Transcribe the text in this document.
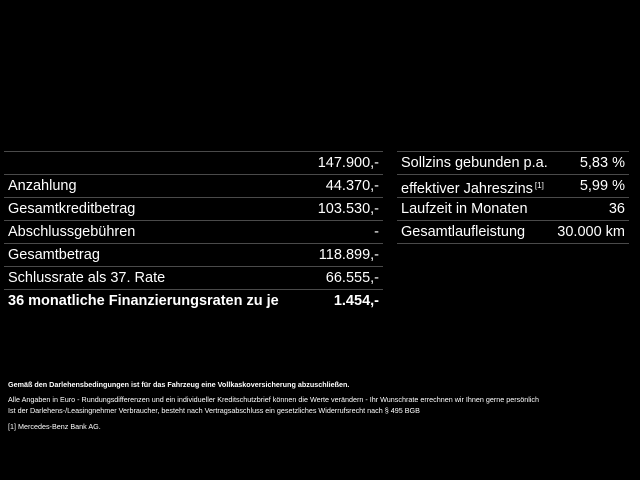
147.900,-
Anzahlung	44.370,-
Gesamtkreditbetrag	103.530,-
Abschlussgebühren	-
Gesamtbetrag	118.899,-
Schlussrate als 37. Rate	66.555,-
36 monatliche Finanzierungsraten zu je	1.454,-
Sollzins gebunden p.a. 5,83 %
effektiver Jahreszins [1] 5,99 %
Laufzeit in Monaten	36
Gesamtlaufleistung 30.000 km
Gemäß den Darlehensbedingungen ist für das Fahrzeug eine Vollkaskoversicherung abzuschließen.
Alle Angaben in Euro - Rundungsdifferenzen und ein individueller Kreditschutzbrief können die Werte verändern - Ihr Wunschrate errechnen wir Ihnen gerne persönlich
Ist der Darlehens-/Leasingnehmer Verbraucher, besteht nach Vertragsabschluss ein gesetzliches Widerrufsrecht nach § 495 BGB
[1] Mercedes-Benz Bank AG.
